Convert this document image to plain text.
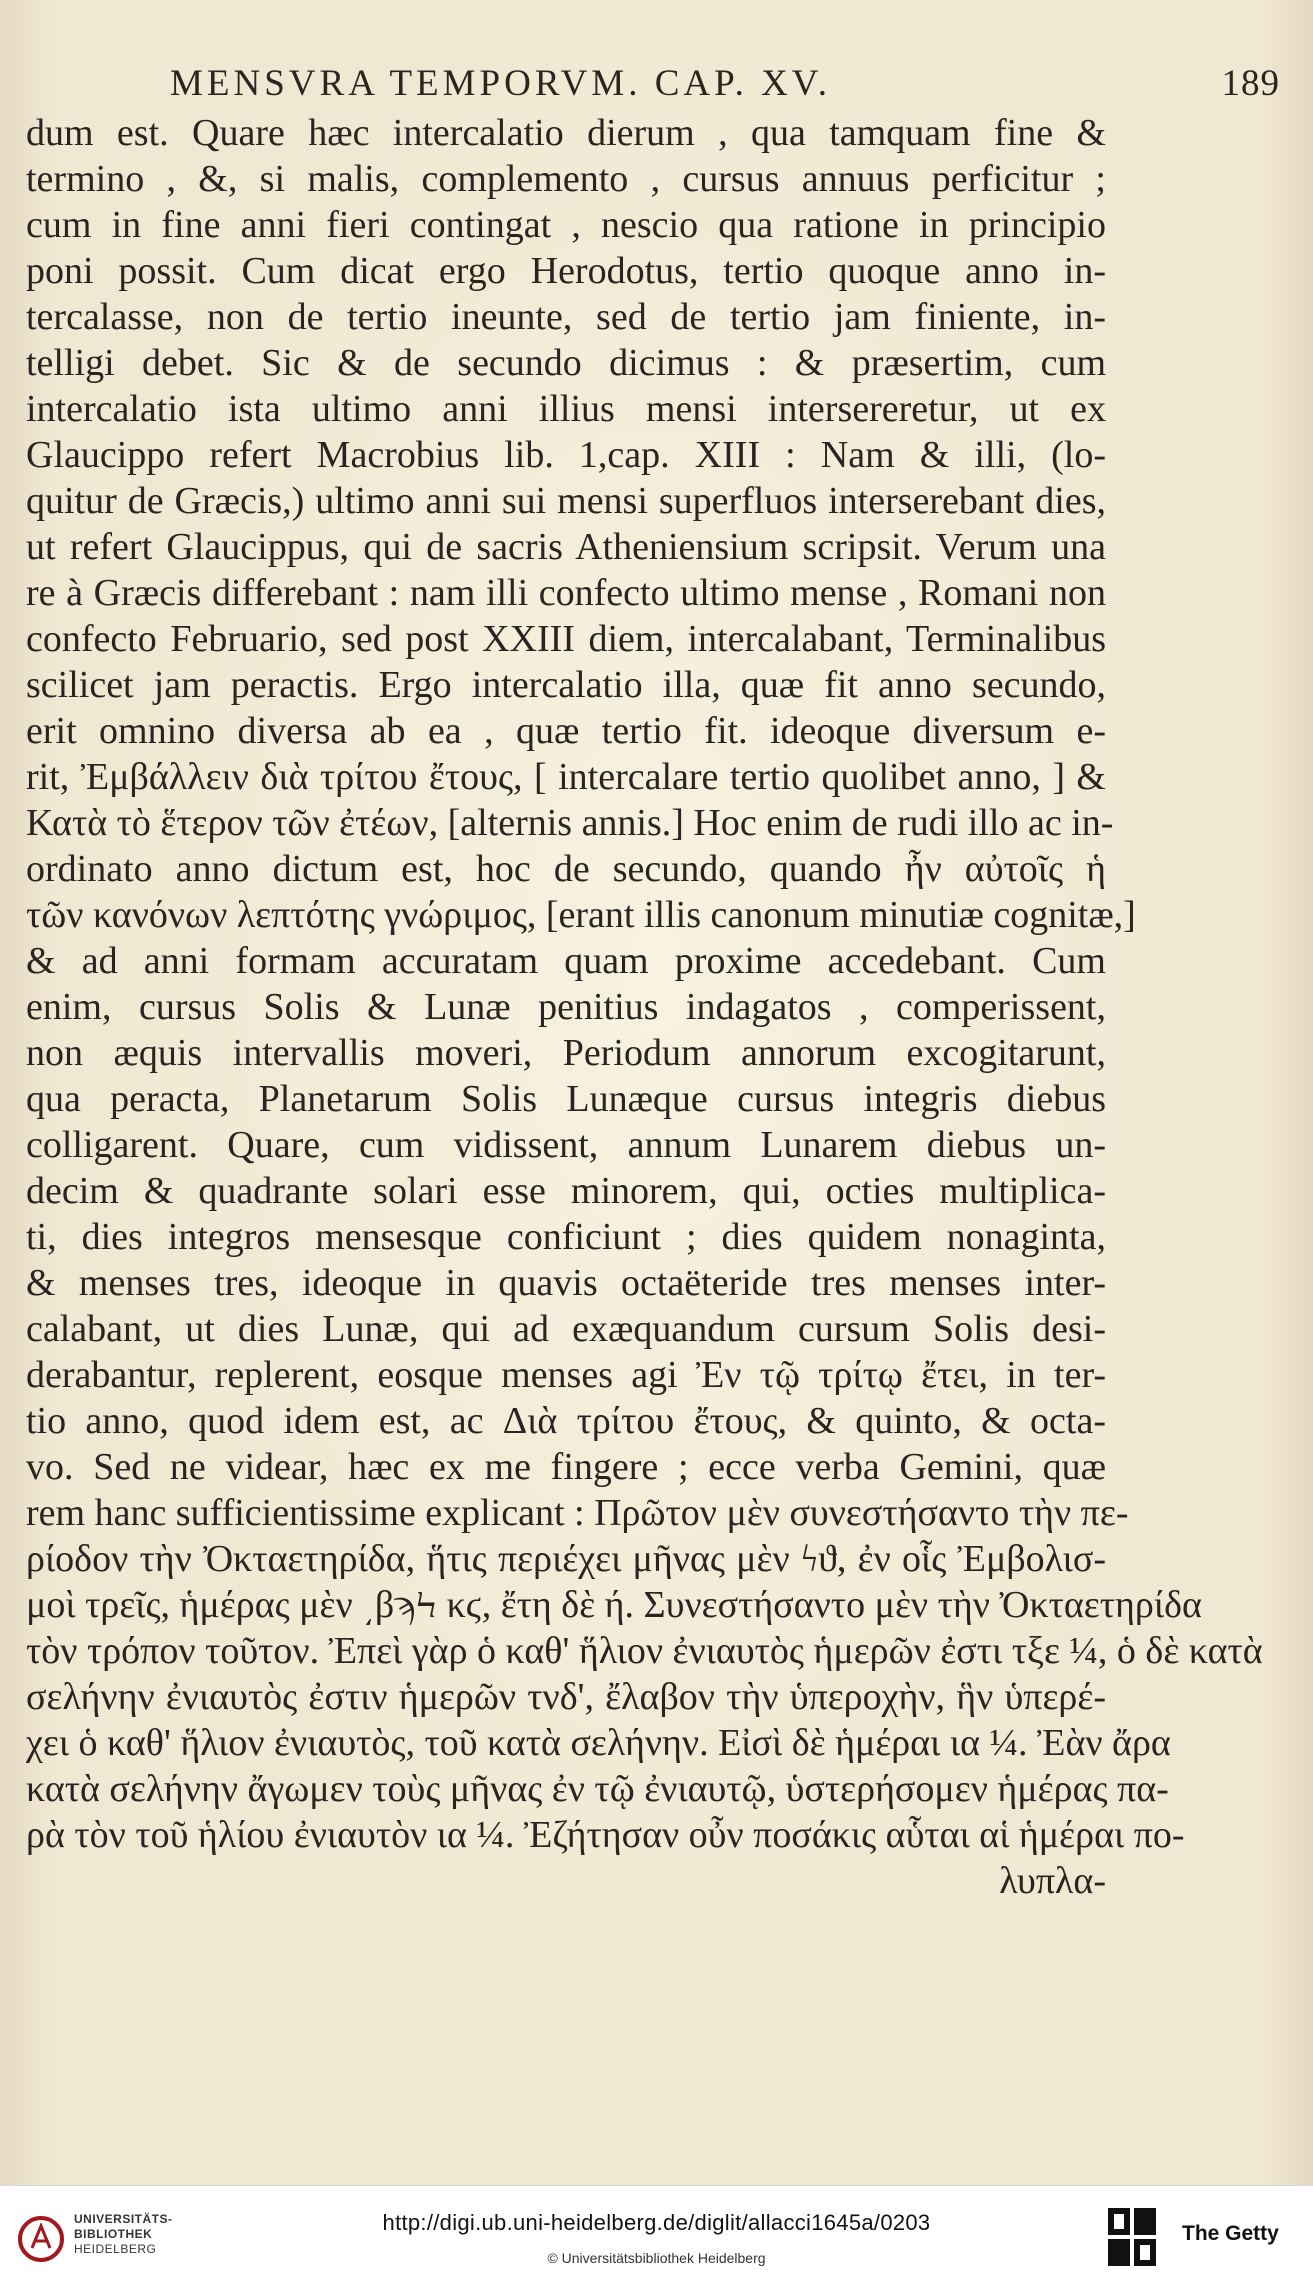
MENSVRA TEMPORVM. CAP. XV.	189
dum est. Quare hæc intercalatio dierum , qua tamquam fine &
termino , &, si malis, complemento , cursus annuus perficitur ;
cum in fine anni fieri contingat , nescio qua ratione in principio
poni possit. Cum dicat ergo Herodotus, tertio quoque anno in-
tercalasse, non de tertio ineunte, sed de tertio jam finiente, in-
telligi debet. Sic & de secundo dicimus : & præsertim, cum
intercalatio ista ultimo anni illius mensi intersereretur, ut ex
Glaucippo refert Macrobius lib. 1,cap. XIII : Nam & illi, (lo-
quitur de Græcis,) ultimo anni sui mensi superfluos interserebant dies,
ut refert Glaucippus, qui de sacris Atheniensium scripsit. Verum una
re à Græcis differebant : nam illi confecto ultimo mense , Romani non
confecto Februario, sed post XXIII diem, intercalabant, Terminalibus
scilicet jam peractis. Ergo intercalatio illa, quæ fit anno secundo,
erit omnino diversa ab ea , quæ tertio fit. ideoque diversum e-
rit, Ἐμβάλλειν διὰ τρίτου ἔτους, [ intercalare tertio quolibet anno, ] &
Κατὰ τὸ ἕτερον τῶν ἐτέων, [alternis annis.] Hoc enim de rudi illo ac in-
ordinato anno dictum est, hoc de secundo, quando ἦν αὐτοῖς ἡ
τῶν κανόνων λεπτότης γνώριμος, [erant illis canonum minutiæ cognitæ,]
& ad anni formam accuratam quam proxime accedebant. Cum
enim, cursus Solis & Lunæ penitius indagatos , comperissent,
non æquis intervallis moveri, Periodum annorum excogitarunt,
qua peracta, Planetarum Solis Lunæque cursus integris diebus
colligarent. Quare, cum vidissent, annum Lunarem diebus un-
decim & quadrante solari esse minorem, qui, octies multiplica-
ti, dies integros mensesque conficiunt ; dies quidem nonaginta,
& menses tres, ideoque in quavis octaëteride tres menses inter-
calabant, ut dies Lunæ, qui ad exæquandum cursum Solis desi-
derabantur, replerent, eosque menses agi Ἐν τῷ τρίτῳ ἔτει, in ter-
tio anno, quod idem est, ac Διὰ τρίτου ἔτους, & quinto, & octa-
vo. Sed ne videar, hæc ex me fingere ; ecce verba Gemini, quæ
rem hanc sufficientissime explicant : Πρῶτον μὲν συνεστήσαντο τὴν πε-
ρίοδον τὴν Ὀκταετηρίδα, ἥτις περιέχει μῆνας μὲν ϟϑ, ἐν οἷς Ἐμβολισ-
μοὶ τρεῖς, ἡμέρας μὲν ͵βϡϞ κϛ, ἔτη δὲ ή. Συνεστήσαντο μὲν τὴν Ὀκταετηρίδα
τὸν τρόπον τοῦτον. Ἐπεὶ γὰρ ὁ καθ' ἥλιον ἐνιαυτὸς ἡμερῶν ἐστι τξε ¼, ὁ δὲ κατὰ
σελήνην ἐνιαυτὸς ἐστιν ἡμερῶν τνδ', ἔλαβον τὴν ὑπεροχὴν, ἣν ὑπερέ-
χει ὁ καθ' ἥλιον ἐνιαυτὸς, τοῦ κατὰ σελήνην. Εἰσὶ δὲ ἡμέραι ια ¼. Ἐὰν ἄρα
κατὰ σελήνην ἄγωμεν τοὺς μῆνας ἐν τῷ ἐνιαυτῷ, ὑστερήσομεν ἡμέρας πα-
ρὰ τὸν τοῦ ἡλίου ἐνιαυτὸν ια ¼. Ἐζήτησαν οὖν ποσάκις αὗται αἱ ἡμέραι πο-
λυπλα-
UNIVERSITÄTS-
BIBLIOTHEK
HEIDELBERG
http://digi.ub.uni-heidelberg.de/diglit/allacci1645a/0203
© Universitätsbibliothek Heidelberg
The Getty
